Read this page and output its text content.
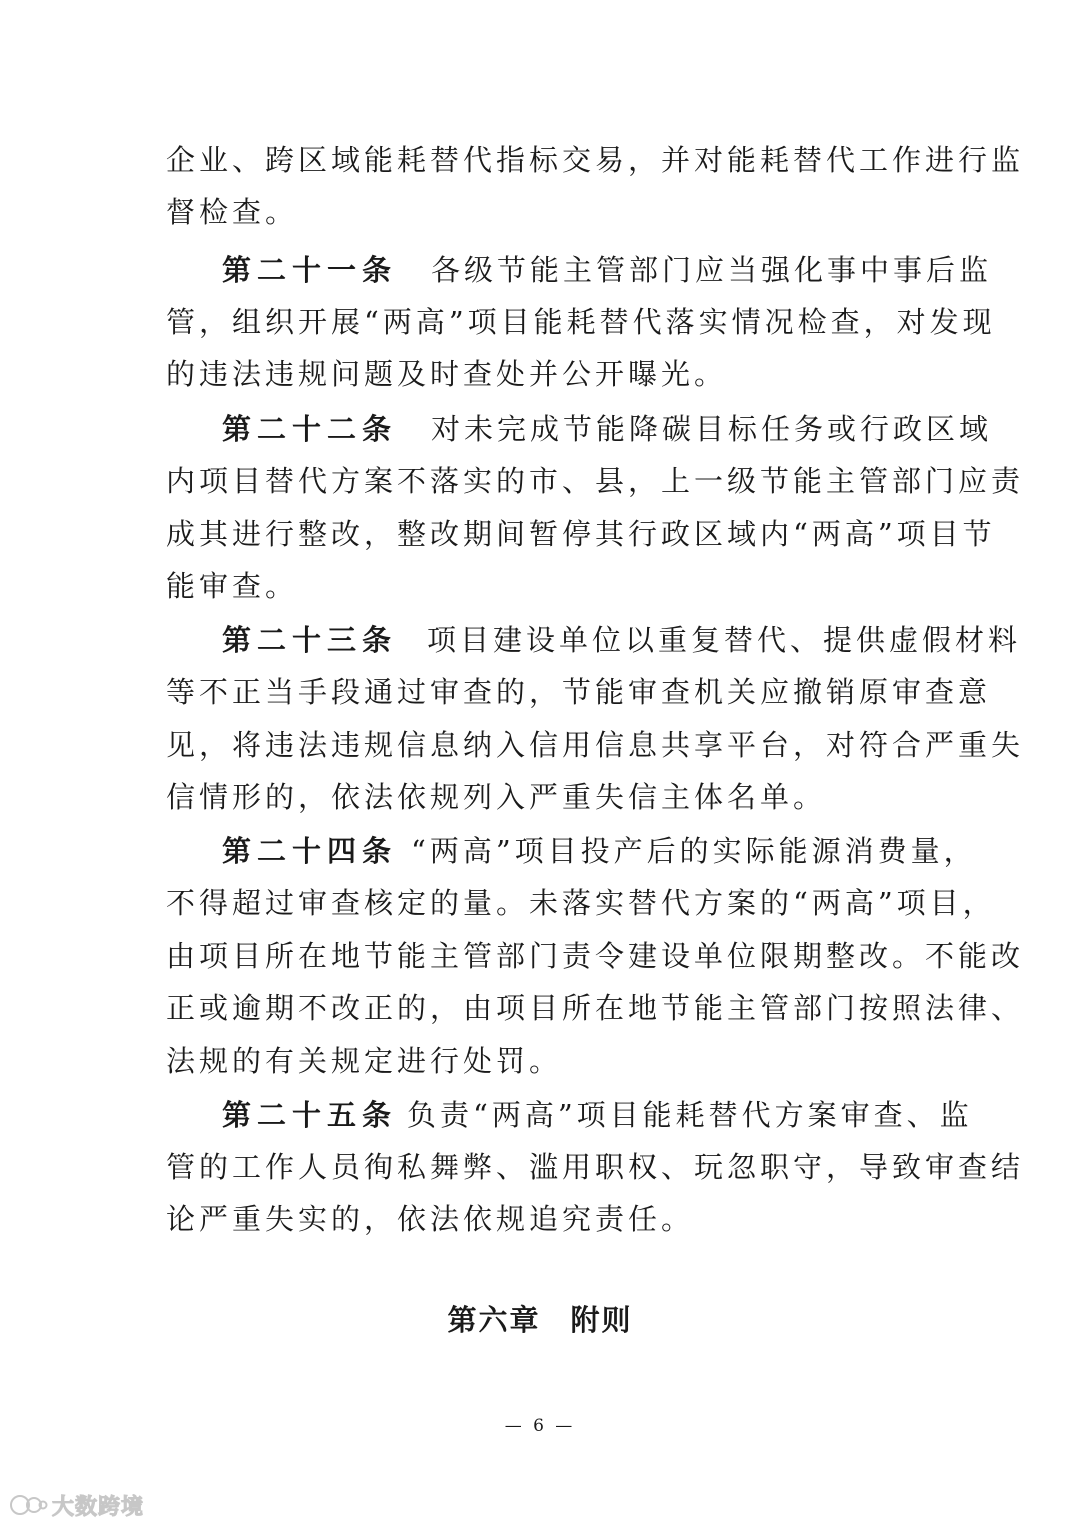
企业、跨区域能耗替代指标交易，并对能耗替代工作进行监
督检查。
第二十一条 各级节能主管部门应当强化事中事后监
管，组织开展“两高”项目能耗替代落实情况检查，对发现
的违法违规问题及时查处并公开曝光。
第二十二条 对未完成节能降碳目标任务或行政区域
内项目替代方案不落实的市、县，上一级节能主管部门应责
成其进行整改，整改期间暂停其行政区域内“两高”项目节
能审查。
第二十三条 项目建设单位以重复替代、提供虚假材料
等不正当手段通过审查的，节能审查机关应撤销原审查意
见，将违法违规信息纳入信用信息共享平台，对符合严重失
信情形的，依法依规列入严重失信主体名单。
第二十四条 “两高”项目投产后的实际能源消费量，
不得超过审查核定的量。未落实替代方案的“两高”项目，
由项目所在地节能主管部门责令建设单位限期整改。不能改
正或逾期不改正的，由项目所在地节能主管部门按照法律、
法规的有关规定进行处罚。
第二十五条 负责“两高”项目能耗替代方案审查、监
管的工作人员徇私舞弊、滥用职权、玩忽职守，导致审查结
论严重失实的，依法依规追究责任。
第六章 附则
— 6 —
大数跨境
